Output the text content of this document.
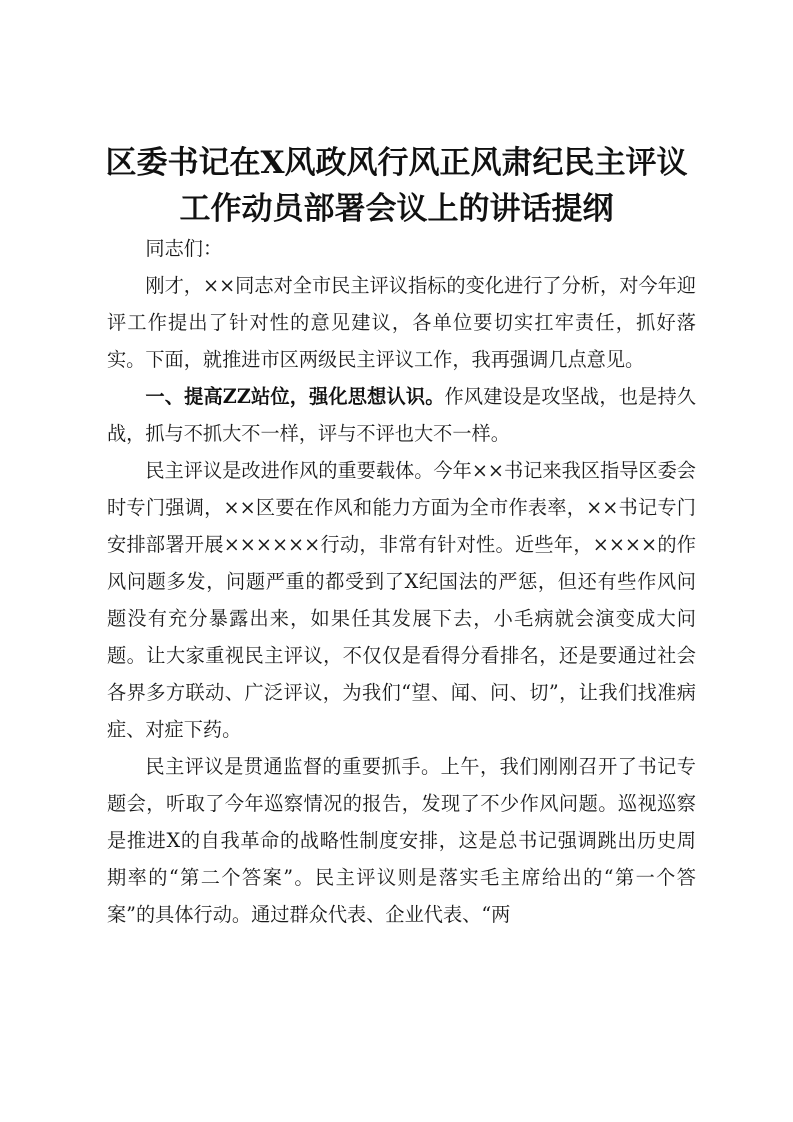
区委书记在X风政风行风正风肃纪民主评议工作动员部署会议上的讲话提纲

同志们：

刚才，××同志对全市民主评议指标的变化进行了分析，对今年迎评工作提出了针对性的意见建议，各单位要切实扛牢责任，抓好落实。下面，就推进市区两级民主评议工作，我再强调几点意见。

一、提高ZZ站位，强化思想认识。作风建设是攻坚战，也是持久战，抓与不抓大不一样，评与不评也大不一样。

民主评议是改进作风的重要载体。今年××书记来我区指导区委会时专门强调，××区要在作风和能力方面为全市作表率，××书记专门安排部署开展××××××行动，非常有针对性。近些年，××××的作风问题多发，问题严重的都受到了X纪国法的严惩，但还有些作风问题没有充分暴露出来，如果任其发展下去，小毛病就会演变成大问题。让大家重视民主评议，不仅仅是看得分看排名，还是要通过社会各界多方联动、广泛评议，为我们“望、闻、问、切”，让我们找准病症、对症下药。

民主评议是贯通监督的重要抓手。上午，我们刚刚召开了书记专题会，听取了今年巡察情况的报告，发现了不少作风问题。巡视巡察是推进X的自我革命的战略性制度安排，这是总书记强调跳出历史周期率的“第二个答案”。民主评议则是落实毛主席给出的“第一个答案”的具体行动。通过群众代表、企业代表、“两
